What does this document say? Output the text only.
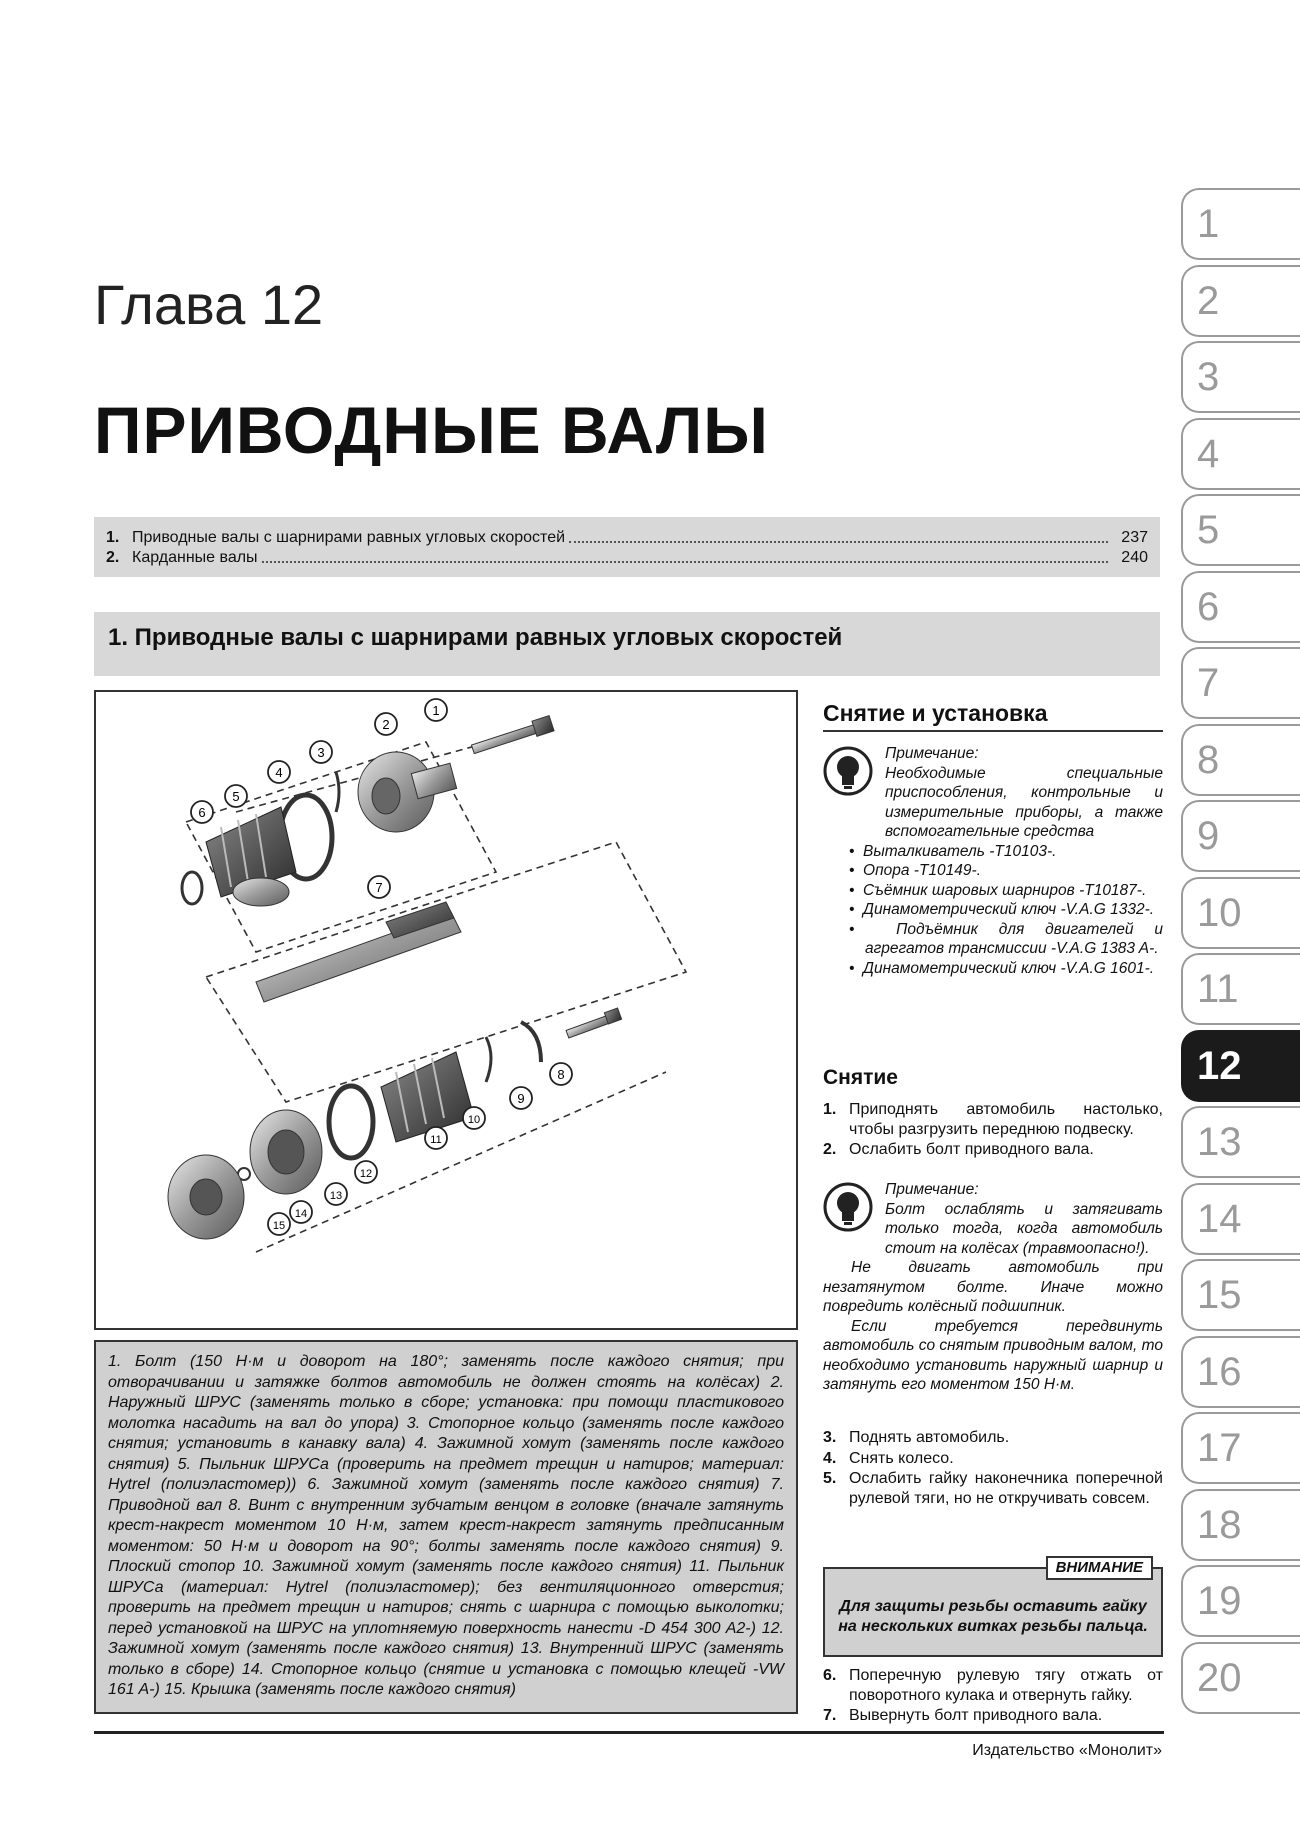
1
2
3
4
5
6
7
8
9
10
11
12
13
14
15
16
17
18
19
20
Глава 12
ПРИВОДНЫЕ ВАЛЫ
1. Приводные валы с шарнирами равных угловых скоростей	237
2. Карданные валы	240
1. Приводные валы с шарнирами равных угловых скоростей
1
2
3
4
5
6
7
8
9
10
11
12
13
14
15
1. Болт (150 Н·м и доворот на 180°; заменять после каждого снятия; при отворачивании и затяжке болтов автомобиль не должен стоять на колёсах) 2. Наружный ШРУС (заменять только в сборе; установка: при помощи пластикового молотка насадить на вал до упора) 3. Стопорное кольцо (заменять после каждого снятия; установить в канавку вала) 4. Зажимной хомут (заменять после каждого снятия) 5. Пыльник ШРУСа (проверить на предмет трещин и натиров; материал: Hytrel (полиэластомер)) 6. Зажимной хомут (заменять после каждого снятия) 7. Приводной вал 8. Винт с внутренним зубчатым венцом в головке (вначале затянуть крест-накрест моментом 10 Н·м, затем крест-накрест затянуть предписанным моментом: 50 Н·м и доворот на 90°; болты заменять после каждого снятия) 9. Плоский стопор 10. Зажимной хомут (заменять после каждого снятия) 11. Пыльник ШРУСа (материал: Hytrel (полиэластомер); без вентиляционного отверстия; проверить на предмет трещин и натиров; снять с шарнира с помощью выколотки; перед установкой на ШРУС на уплотняемую поверхность нанести -D 454 300 A2-) 12. Зажимной хомут (заменять после каждого снятия) 13. Внутренний ШРУС (заменять только в сборе) 14. Стопорное кольцо (снятие и установка с помощью клещей -VW 161 A-) 15. Крышка (заменять после каждого снятия)
Снятие и установка
Примечание:
Необходимые специальные приспособления, контрольные и измерительные приборы, а также вспомогательные средства
•  Выталкиватель -T10103-.
•  Опора -T10149-.
•  Съёмник шаровых шарниров -T10187-.
•  Динамометрический ключ -V.A.G 1332-.
•  Подъёмник для двигателей и агрегатов трансмиссии -V.A.G 1383 A-.
•  Динамометрический ключ -V.A.G 1601-.
Снятие
1. Приподнять автомобиль настолько, чтобы разгрузить переднюю подвеску.
2. Ослабить болт приводного вала.
Примечание:
Болт ослаблять и затягивать только тогда, когда автомобиль стоит на колёсах (травмоопасно!).
Не двигать автомобиль при незатянутом болте. Иначе можно повредить колёсный подшипник.
Если требуется передвинуть автомобиль со снятым приводным валом, то необходимо установить наружный шарнир и затянуть его моментом 150 Н·м.
3. Поднять автомобиль.
4. Снять колесо.
5. Ослабить гайку наконечника поперечной рулевой тяги, но не откручивать совсем.
ВНИМАНИЕ
Для защиты резьбы оставить гайку на нескольких витках резьбы пальца.
6. Поперечную рулевую тягу отжать от поворотного кулака и отвернуть гайку.
7. Вывернуть болт приводного вала.
Издательство «Монолит»
